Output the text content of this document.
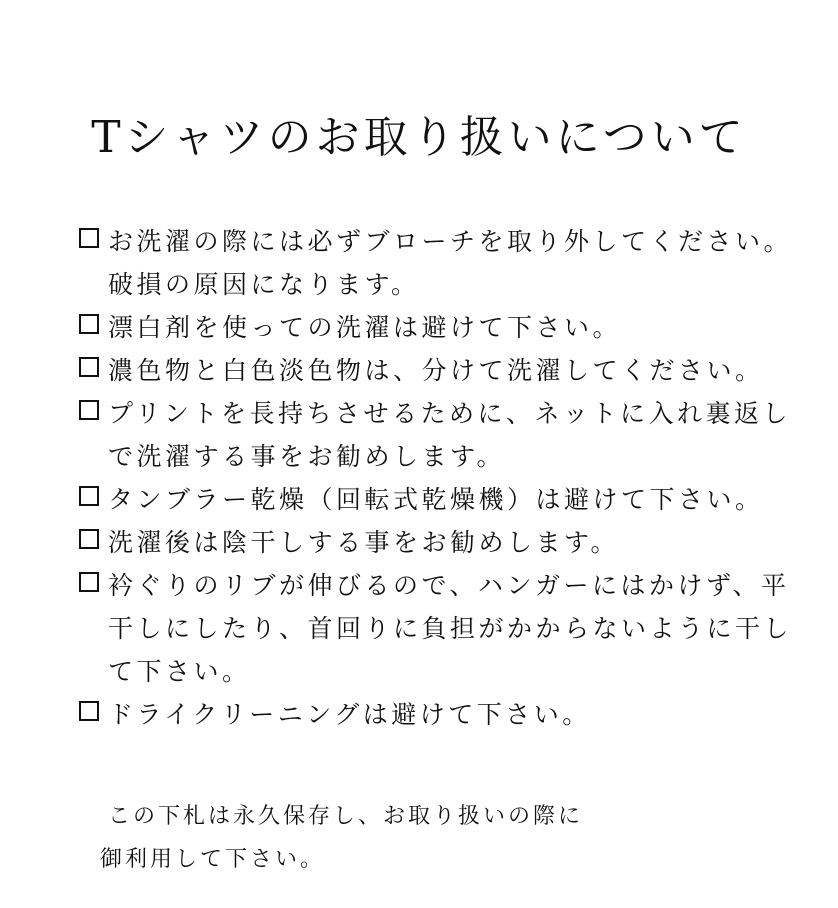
Tシャツのお取り扱いについて
お洗濯の際には必ずブローチを取り外してください。破損の原因になります。
漂白剤を使っての洗濯は避けて下さい。
濃色物と白色淡色物は、分けて洗濯してください。
プリントを長持ちさせるために、ネットに入れ裏返しで洗濯する事をお勧めします。
タンブラー乾燥（回転式乾燥機）は避けて下さい。
洗濯後は陰干しする事をお勧めします。
衿ぐりのリブが伸びるので、ハンガーにはかけず、平干しにしたり、首回りに負担がかからないように干して下さい。
ドライクリーニングは避けて下さい。
この下札は永久保存し、お取り扱いの際に
御利用して下さい。
